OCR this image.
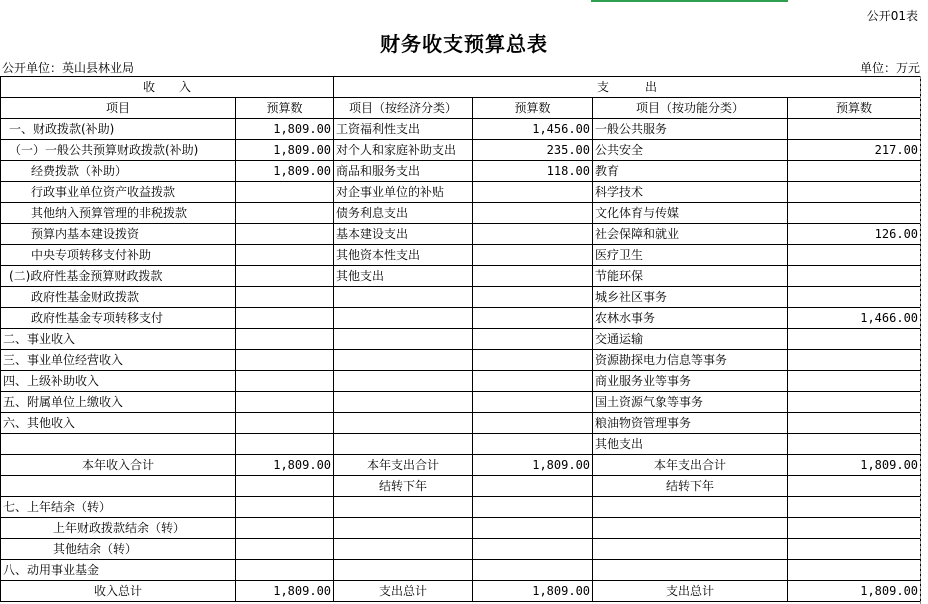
公开01表
财务收支预算总表
公开单位：英山县林业局	单位：万元
收　　入		支　　　出			
项目	预算数	项目（按经济分类）	预算数	项目（按功能分类）	预算数
一、财政拨款(补助)	1,809.00	工资福利性支出	1,456.00	一般公共服务	
（一）一般公共预算财政拨款(补助)	1,809.00	对个人和家庭补助支出	235.00	公共安全	217.00
经费拨款（补助）	1,809.00	商品和服务支出	118.00	教育	
行政事业单位资产收益拨款		对企事业单位的补贴		科学技术	
其他纳入预算管理的非税拨款		债务利息支出		文化体育与传媒	
预算内基本建设拨资		基本建设支出		社会保障和就业	126.00
中央专项转移支付补助		其他资本性支出		医疗卫生	
(二)政府性基金预算财政拨款		其他支出		节能环保	
政府性基金财政拨款				城乡社区事务	
政府性基金专项转移支付				农林水事务	1,466.00
二、事业收入				交通运输	
三、事业单位经营收入				资源勘探电力信息等事务	
四、上级补助收入				商业服务业等事务	
五、附属单位上缴收入				国土资源气象等事务	
六、其他收入				粮油物资管理事务	
				其他支出	
本年收入合计	1,809.00	本年支出合计	1,809.00	本年支出合计	1,809.00
		结转下年		结转下年	
七、上年结余（转）					
上年财政拨款结余（转）					
其他结余（转）					
八、动用事业基金					
收入总计	1,809.00	支出总计	1,809.00	支出总计	1,809.00
